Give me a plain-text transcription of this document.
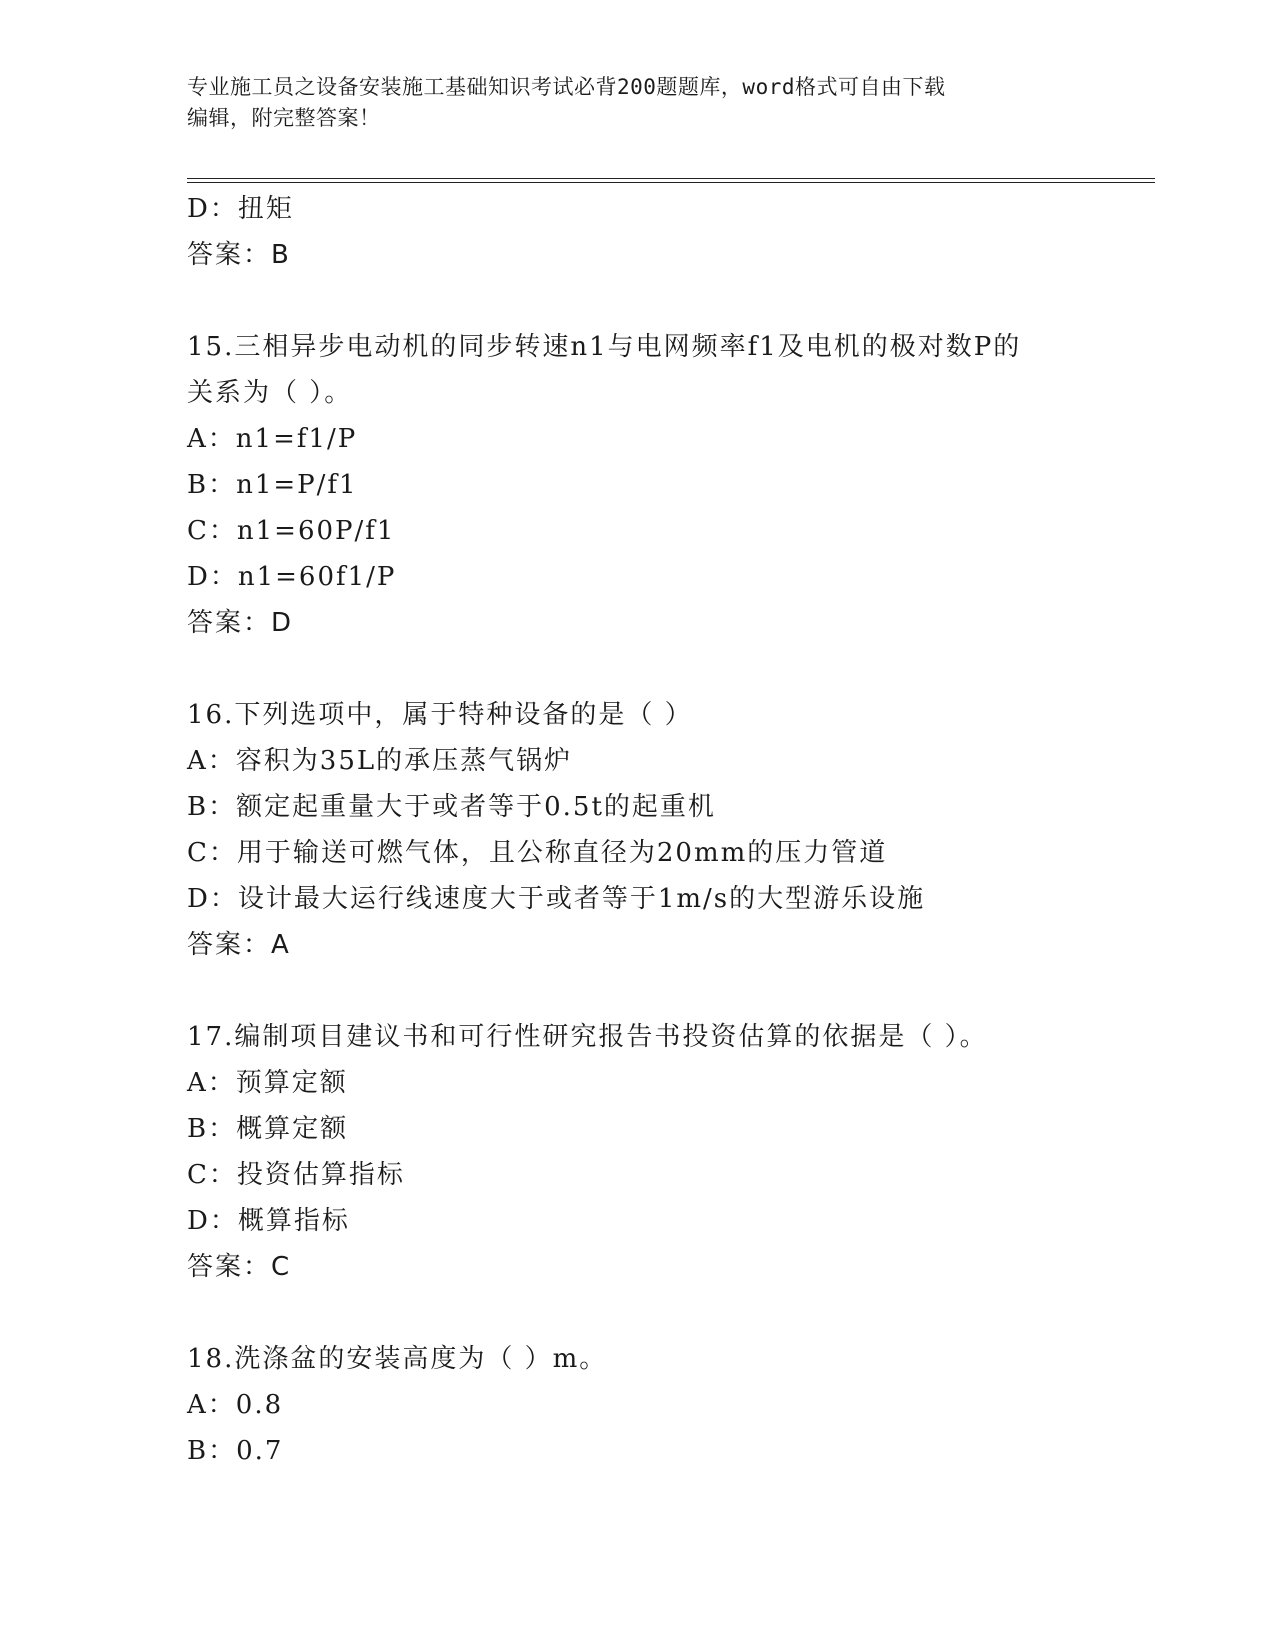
专业施工员之设备安装施工基础知识考试必背200题题库，word格式可自由下载
编辑，附完整答案！
D：扭矩
答案：B
15.三相异步电动机的同步转速n1与电网频率f1及电机的极对数P的
关系为（ ）。
A：n1=f1/P
B：n1=P/f1
C：n1=60P/f1
D：n1=60f1/P
答案：D
16.下列选项中，属于特种设备的是（ ）
A：容积为35L的承压蒸气锅炉
B：额定起重量大于或者等于0.5t的起重机
C：用于输送可燃气体，且公称直径为20mm的压力管道
D：设计最大运行线速度大于或者等于1m/s的大型游乐设施
答案：A
17.编制项目建议书和可行性研究报告书投资估算的依据是（ ）。
A：预算定额
B：概算定额
C：投资估算指标
D：概算指标
答案：C
18.洗涤盆的安装高度为（ ）m。
A：0.8
B：0.7
